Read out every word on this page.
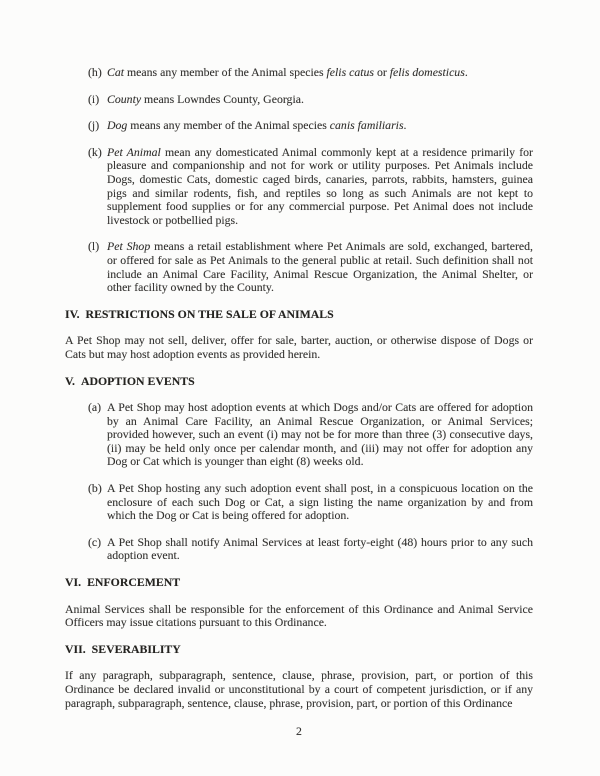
(h) Cat means any member of the Animal species felis catus or felis domesticus.
(i) County means Lowndes County, Georgia.
(j) Dog means any member of the Animal species canis familiaris.
(k) Pet Animal mean any domesticated Animal commonly kept at a residence primarily for pleasure and companionship and not for work or utility purposes. Pet Animals include Dogs, domestic Cats, domestic caged birds, canaries, parrots, rabbits, hamsters, guinea pigs and similar rodents, fish, and reptiles so long as such Animals are not kept to supplement food supplies or for any commercial purpose. Pet Animal does not include livestock or potbellied pigs.
(l) Pet Shop means a retail establishment where Pet Animals are sold, exchanged, bartered, or offered for sale as Pet Animals to the general public at retail. Such definition shall not include an Animal Care Facility, Animal Rescue Organization, the Animal Shelter, or other facility owned by the County.
IV. RESTRICTIONS ON THE SALE OF ANIMALS
A Pet Shop may not sell, deliver, offer for sale, barter, auction, or otherwise dispose of Dogs or Cats but may host adoption events as provided herein.
V. ADOPTION EVENTS
(a) A Pet Shop may host adoption events at which Dogs and/or Cats are offered for adoption by an Animal Care Facility, an Animal Rescue Organization, or Animal Services; provided however, such an event (i) may not be for more than three (3) consecutive days, (ii) may be held only once per calendar month, and (iii) may not offer for adoption any Dog or Cat which is younger than eight (8) weeks old.
(b) A Pet Shop hosting any such adoption event shall post, in a conspicuous location on the enclosure of each such Dog or Cat, a sign listing the name organization by and from which the Dog or Cat is being offered for adoption.
(c) A Pet Shop shall notify Animal Services at least forty-eight (48) hours prior to any such adoption event.
VI. ENFORCEMENT
Animal Services shall be responsible for the enforcement of this Ordinance and Animal Service Officers may issue citations pursuant to this Ordinance.
VII. SEVERABILITY
If any paragraph, subparagraph, sentence, clause, phrase, provision, part, or portion of this Ordinance be declared invalid or unconstitutional by a court of competent jurisdiction, or if any paragraph, subparagraph, sentence, clause, phrase, provision, part, or portion of this Ordinance
2
